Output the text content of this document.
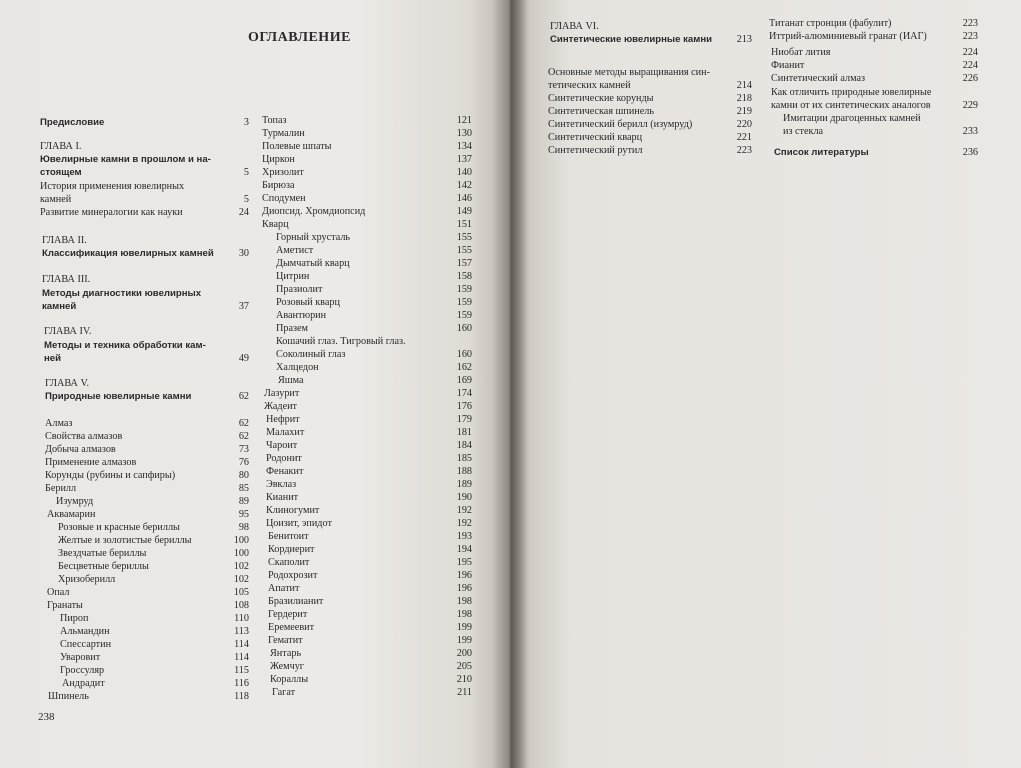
ОГЛАВЛЕНИЕ
Предисловие	3
ГЛАВА I.
Ювелирные камни в прошлом и на-
стоящем	5
История применения ювелирных
камней	5
Развитие минералогии как науки	24
ГЛАВА II.
Классификация ювелирных камней	30
ГЛАВА III.
Методы диагностики ювелирных
камней	37
ГЛАВА IV.
Методы и техника обработки кам-
ней	49
ГЛАВА V.
Природные ювелирные камни	62
Алмаз	62
Свойства алмазов	62
Добыча алмазов	73
Применение алмазов	76
Корунды (рубины и сапфиры)	80
Берилл	85
Изумруд	89
Аквамарин	95
Розовые и красные бериллы	98
Желтые и золотистые бериллы	100
Звездчатые бериллы	100
Бесцветные бериллы	102
Хризоберилл	102
Опал	105
Гранаты	108
Пироп	110
Альмандин	113
Спессартин	114
Уваровит	114
Гроссуляр	115
Андрадит	116
Шпинель	118
Топаз	121
Турмалин	130
Полевые шпаты	134
Циркон	137
Хризолит	140
Бирюза	142
Сподумен	146
Диопсид. Хромдиопсид	149
Кварц	151
Горный хрусталь	155
Аметист	155
Дымчатый кварц	157
Цитрин	158
Празиолит	159
Розовый кварц	159
Авантюрин	159
Празем	160
Кошачий глаз. Тигровый глаз.
Соколиный глаз	160
Халцедон	162
Яшма	169
Лазурит	174
Жадеит	176
Нефрит	179
Малахит	181
Чароит	184
Родонит	185
Фенакит	188
Эвклаз	189
Кианит	190
Клиногумит	192
Цоизит, эпидот	192
Бенитоит	193
Кордиерит	194
Скаполит	195
Родохрозит	196
Апатит	196
Бразилианит	198
Гердерит	198
Еремеевит	199
Гематит	199
Янтарь	200
Жемчуг	205
Кораллы	210
Гагат	211
238
ГЛАВА VI.
Синтетические ювелирные камни	213
Основные методы выращивания син-
тетических камней	214
Синтетические корунды	218
Синтетическая шпинель	219
Синтетический берилл (изумруд)	220
Синтетический кварц	221
Синтетический рутил	223
Титанат стронция (фабулит)	223
Иттрий-алюминиевый гранат (ИАГ)	223
Ниобат лития	224
Фианит	224
Синтетический алмаз	226
Как отличить природные ювелирные
камни от их синтетических аналогов	229
Имитации драгоценных камней
из стекла	233
Список литературы	236
